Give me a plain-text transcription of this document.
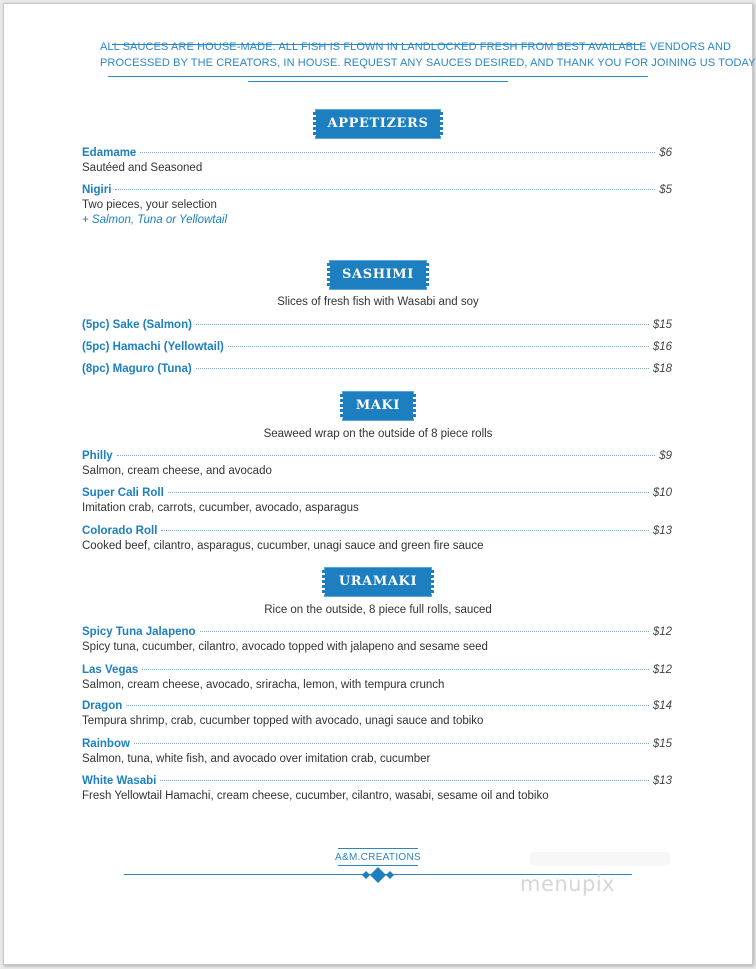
ALL SAUCES ARE HOUSE-MADE. ALL FISH IS FLOWN IN LANDLOCKED FRESH FROM BEST AVAILABLE VENDORS AND
PROCESSED BY THE CREATORS, IN HOUSE. REQUEST ANY SAUCES DESIRED, AND THANK YOU FOR JOINING US TODAY
APPETIZERS
Edamame	$6
Sautéed and Seasoned
Nigiri	$5
Two pieces, your selection
+ Salmon, Tuna or Yellowtail
SASHIMI
Slices of fresh fish with Wasabi and soy
(5pc) Sake (Salmon)	$15
(5pc) Hamachi (Yellowtail)	$16
(8pc) Maguro (Tuna)	$18
MAKI
Seaweed wrap on the outside of 8 piece rolls
Philly	$9
Salmon, cream cheese, and avocado
Super Cali Roll	$10
Imitation crab, carrots, cucumber, avocado, asparagus
Colorado Roll	$13
Cooked beef, cilantro, asparagus, cucumber, unagi sauce and green fire sauce
URAMAKI
Rice on the outside, 8 piece full rolls, sauced
Spicy Tuna Jalapeno	$12
Spicy tuna, cucumber, cilantro, avocado topped with jalapeno and sesame seed
Las Vegas	$12
Salmon, cream cheese, avocado, sriracha, lemon, with tempura crunch
Dragon	$14
Tempura shrimp, crab, cucumber topped with avocado, unagi sauce and tobiko
Rainbow	$15
Salmon, tuna, white fish, and avocado over imitation crab, cucumber
White Wasabi	$13
Fresh Yellowtail Hamachi, cream cheese, cucumber, cilantro, wasabi, sesame oil and tobiko
A&M.CREATIONS
menupix
